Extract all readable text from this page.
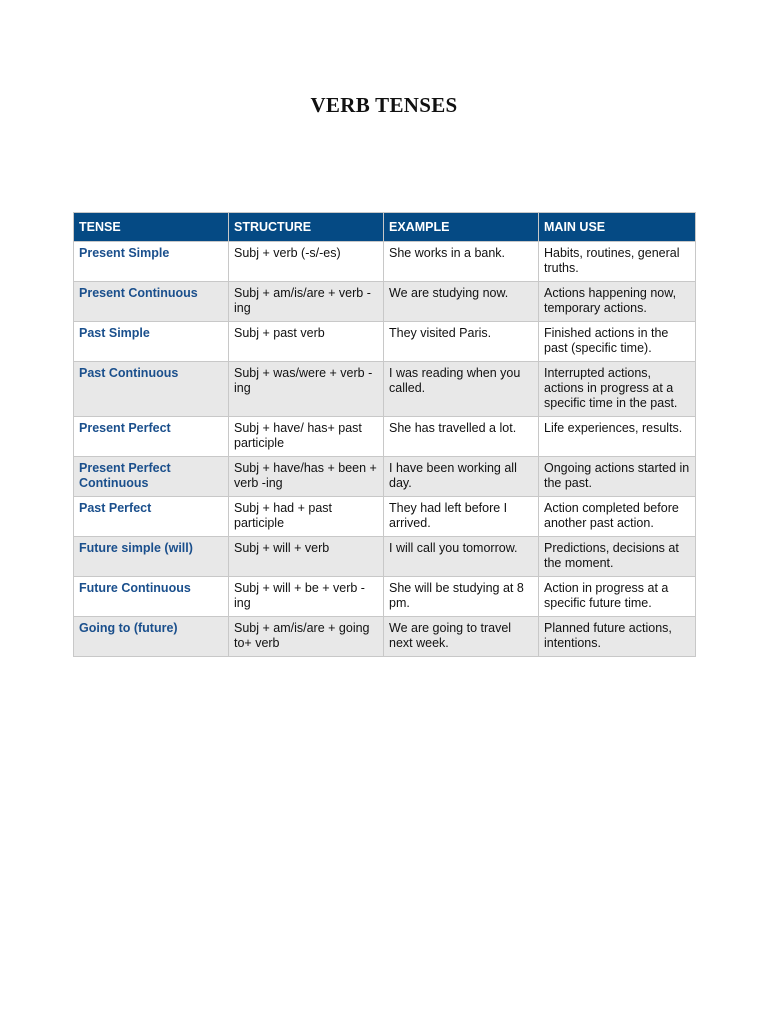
VERB TENSES
TENSE	STRUCTURE	EXAMPLE	MAIN USE
Present Simple	Subj + verb (-s/-es)	She works in a bank.	Habits, routines, general truths.
Present Continuous	Subj + am/is/are + verb -ing	We are studying now.	Actions happening now, temporary actions.
Past Simple	Subj + past verb	They visited Paris.	Finished actions in the past (specific time).
Past Continuous	Subj + was/were + verb -ing	I was reading when you called.	Interrupted actions, actions in progress at a specific time in the past.
Present Perfect	Subj + have/ has+ past participle	She has travelled a lot.	Life experiences, results.
Present Perfect Continuous	Subj + have/has + been + verb -ing	I have been working all day.	Ongoing actions started in the past.
Past Perfect	Subj + had + past participle	They had left before I arrived.	Action completed before another past action.
Future simple (will)	Subj + will + verb	I will call you tomorrow.	Predictions, decisions at the moment.
Future Continuous	Subj + will + be + verb -ing	She will be studying at 8 pm.	Action in progress at a specific future time.
Going to (future)	Subj + am/is/are + going to+ verb	We are going to travel next week.	Planned future actions, intentions.
